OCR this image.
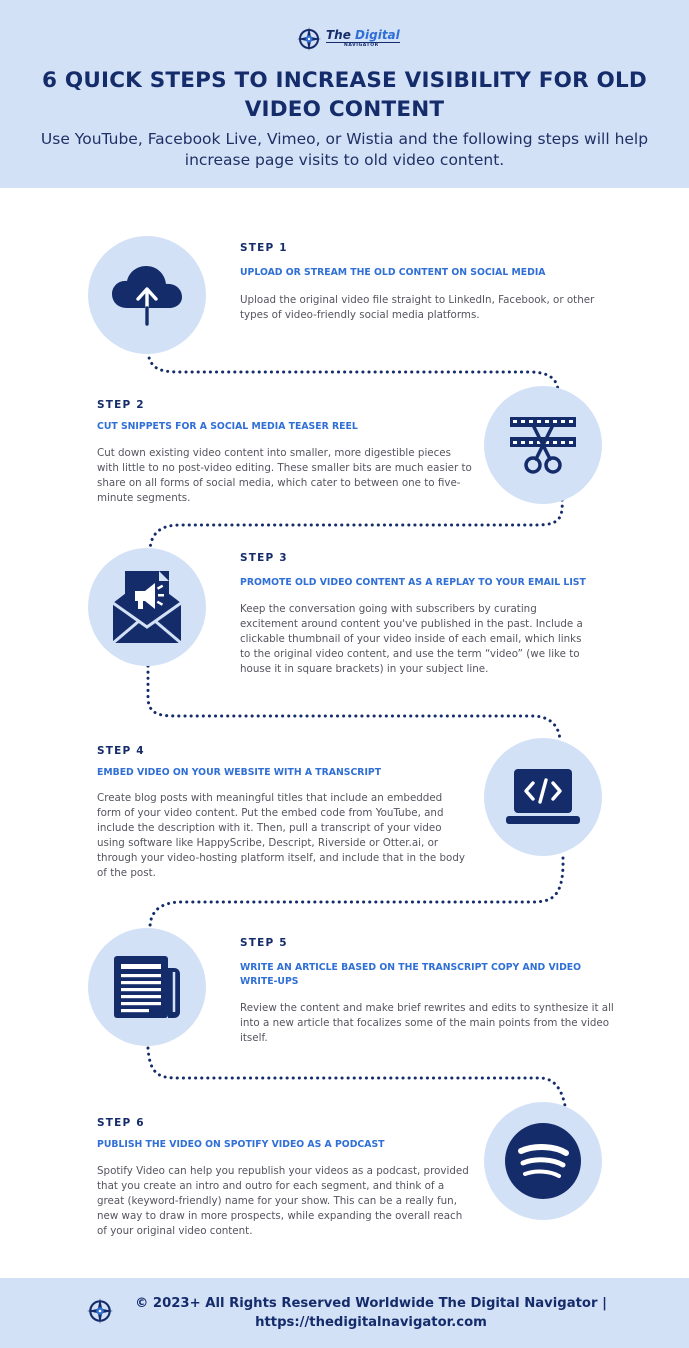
The Digital
NAVIGATOR
6 QUICK STEPS TO INCREASE VISIBILITY FOR OLD VIDEO CONTENT
Use YouTube, Facebook Live, Vimeo, or Wistia and the following steps will help increase page visits to old video content.
STEP 1
UPLOAD OR STREAM THE OLD CONTENT ON SOCIAL MEDIA
Upload the original video file straight to LinkedIn, Facebook, or other types of video-friendly social media platforms.
STEP 2
CUT SNIPPETS FOR A SOCIAL MEDIA TEASER REEL
Cut down existing video content into smaller, more digestible pieces with little to no post-video editing. These smaller bits are much easier to share on all forms of social media, which cater to between one to five-minute segments.
STEP 3
PROMOTE OLD VIDEO CONTENT AS A REPLAY TO YOUR EMAIL LIST
Keep the conversation going with subscribers by curating excitement around content you've published in the past. Include a clickable thumbnail of your video inside of each email, which links to the original video content, and use the term “video” (we like to house it in square brackets) in your subject line.
STEP 4
EMBED VIDEO ON YOUR WEBSITE WITH A TRANSCRIPT
Create blog posts with meaningful titles that include an embedded form of your video content. Put the embed code from YouTube, and include the description with it. Then, pull a transcript of your video using software like HappyScribe, Descript, Riverside or Otter.ai, or through your video-hosting platform itself, and include that in the body of the post.
STEP 5
WRITE AN ARTICLE BASED ON THE TRANSCRIPT COPY AND VIDEO WRITE-UPS
Review the content and make brief rewrites and edits to synthesize it all into a new article that focalizes some of the main points from the video itself.
STEP 6
PUBLISH THE VIDEO ON SPOTIFY VIDEO AS A PODCAST
Spotify Video can help you republish your videos as a podcast, provided that you create an intro and outro for each segment, and think of a great (keyword-friendly) name for your show. This can be a really fun, new way to draw in more prospects, while expanding the overall reach of your original video content.
© 2023+ All Rights Reserved Worldwide The Digital Navigator | https://thedigitalnavigator.com
